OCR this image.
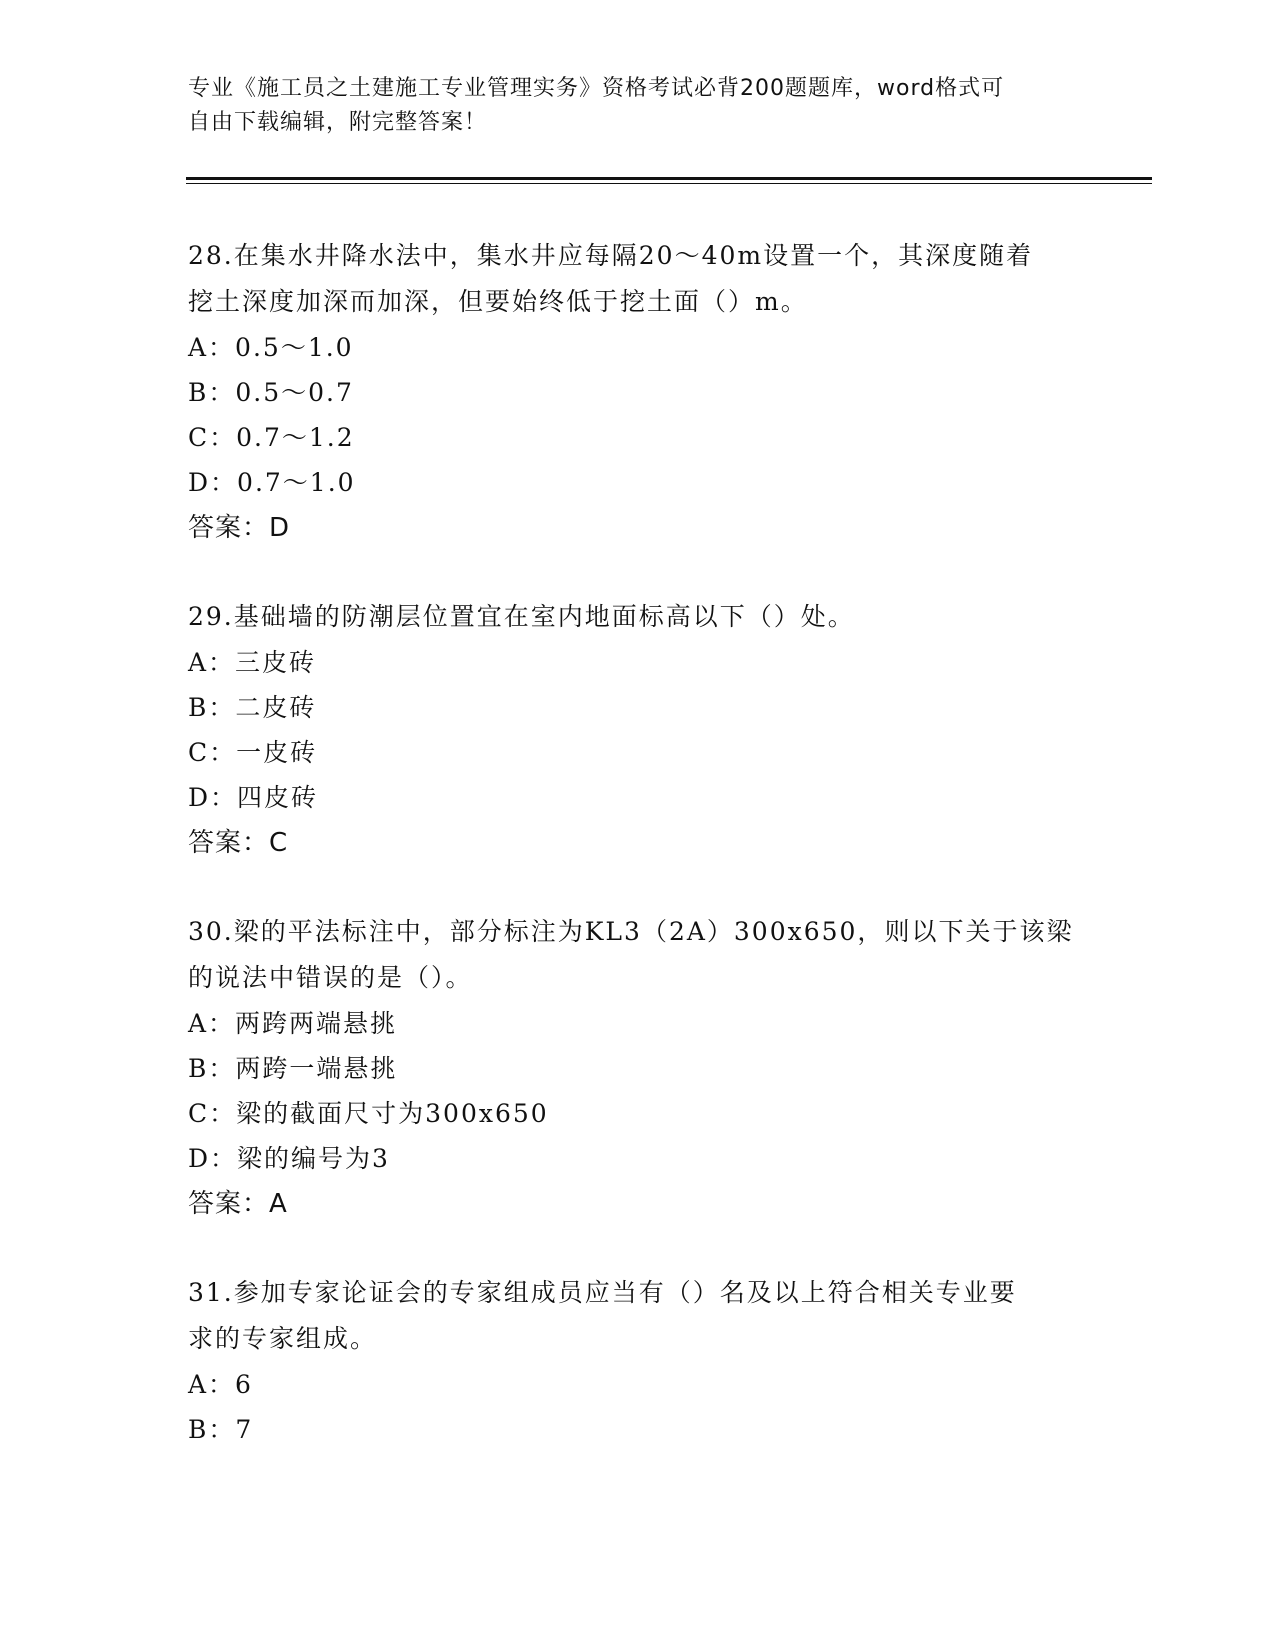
专业《施工员之土建施工专业管理实务》资格考试必背200题题库，word格式可

自由下载编辑，附完整答案！

28.在集水井降水法中，集水井应每隔20～40m设置一个，其深度随着

挖土深度加深而加深，但要始终低于挖土面（）m。

A：0.5～1.0

B：0.5～0.7

C：0.7～1.2

D：0.7～1.0

答案：D

29.基础墙的防潮层位置宜在室内地面标高以下（）处。

A：三皮砖

B：二皮砖

C：一皮砖

D：四皮砖

答案：C

30.梁的平法标注中，部分标注为KL3（2A）300x650，则以下关于该梁

的说法中错误的是（）。

A：两跨两端悬挑

B：两跨一端悬挑

C：梁的截面尺寸为300x650

D：梁的编号为3

答案：A

31.参加专家论证会的专家组成员应当有（）名及以上符合相关专业要

求的专家组成。

A：6

B：7
